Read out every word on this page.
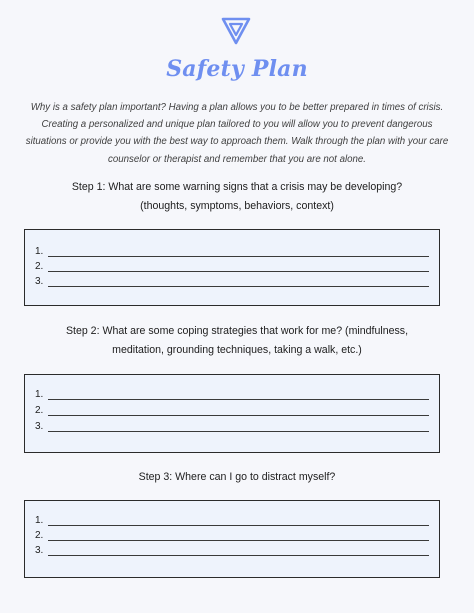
Safety Plan
Why is a safety plan important? Having a plan allows you to be better prepared in times of crisis. Creating a personalized and unique plan tailored to you will allow you to prevent dangerous situations or provide you with the best way to approach them. Walk through the plan with your care counselor or therapist and remember that you are not alone.
Step 1: What are some warning signs that a crisis may be developing?
(thoughts, symptoms, behaviors, context)
1.
2.
3.
Step 2: What are some coping strategies that work for me? (mindfulness,
meditation, grounding techniques, taking a walk, etc.)
1.
2.
3.
Step 3: Where can I go to distract myself?
1.
2.
3.
